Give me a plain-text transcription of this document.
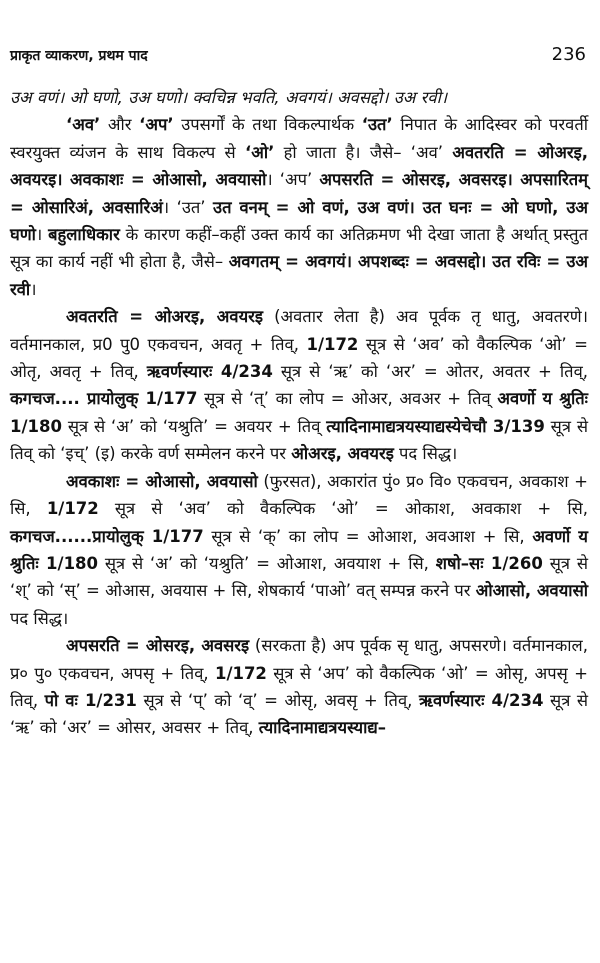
प्राकृत व्याकरण, प्रथम पाद	236

उअ वणं। ओ घणो, उअ घणो। क्वचिन्न भवति, अवगयं। अवसद्दो। उअ रवी।

‘अव’ और ‘अप’ उपसर्गों के तथा विकल्पार्थक ‘उत’ निपात के आदिस्वर को परवर्ती स्वरयुक्त व्यंजन के साथ विकल्प से ‘ओ’ हो जाता है। जैसे– ‘अव’ अवतरति = ओअरइ, अवयरइ। अवकाशः = ओआसो, अवयासो। ‘अप’ अपसरति = ओसरइ, अवसरइ। अपसारितम् = ओसारिअं, अवसारिअं। ‘उत’ उत वनम् = ओ वणं, उअ वणं। उत घनः = ओ घणो, उअ घणो। बहुलाधिकार के कारण कहीं–कहीं उक्त कार्य का अतिक्रमण भी देखा जाता है अर्थात् प्रस्तुत सूत्र का कार्य नहीं भी होता है, जैसे– अवगतम् = अवगयं। अपशब्दः = अवसद्दो। उत रविः = उअ रवी।

अवतरति = ओअरइ, अवयरइ (अवतार लेता है) अव पूर्वक तृ धातु, अवतरणे। वर्तमानकाल, प्र0 पु0 एकवचन, अवतृ + तिव्, 1/172 सूत्र से ‘अव’ को वैकल्पिक ‘ओ’ = ओतृ, अवतृ + तिव्, ऋवर्णस्यारः 4/234 सूत्र से ‘ऋ’ को ‘अर’ = ओतर, अवतर + तिव्, कगचज.... प्रायोलुक् 1/177 सूत्र से ‘त्’ का लोप = ओअर, अवअर + तिव् अवर्णो य श्रुतिः 1/180 सूत्र से ‘अ’ को ‘यश्रुति’ = अवयर + तिव् त्यादिनामाद्यत्रयस्याद्यस्येचेचौ 3/139 सूत्र से तिव् को ‘इच्’ (इ) करके वर्ण सम्मेलन करने पर ओअरइ, अवयरइ पद सिद्ध।

अवकाशः = ओआसो, अवयासो (फुरसत), अकारांत पुं० प्र० वि० एकवचन, अवकाश + सि, 1/172 सूत्र से ‘अव’ को वैकल्पिक ‘ओ’ = ओकाश, अवकाश + सि, कगचज......प्रायोलुक् 1/177 सूत्र से ‘क्’ का लोप = ओआश, अवआश + सि, अवर्णो य श्रुतिः 1/180 सूत्र से ‘अ’ को ‘यश्रुति’ = ओआश, अवयाश + सि, शषो–सः 1/260 सूत्र से ‘श्’ को ‘स्’ = ओआस, अवयास + सि, शेषकार्य ‘पाओ’ वत् सम्पन्न करने पर ओआसो, अवयासो पद सिद्ध।

अपसरति = ओसरइ, अवसरइ (सरकता है) अप पूर्वक सृ धातु, अपसरणे। वर्तमानकाल, प्र० पु० एकवचन, अपसृ + तिव्, 1/172 सूत्र से ‘अप’ को वैकल्पिक ‘ओ’ = ओसृ, अपसृ + तिव्, पो वः 1/231 सूत्र से ‘प्’ को ‘व्’ = ओसृ, अवसृ + तिव्, ऋवर्णस्यारः 4/234 सूत्र से ‘ऋ’ को ‘अर’ = ओसर, अवसर + तिव्, त्यादिनामाद्यत्रयस्याद्य–
